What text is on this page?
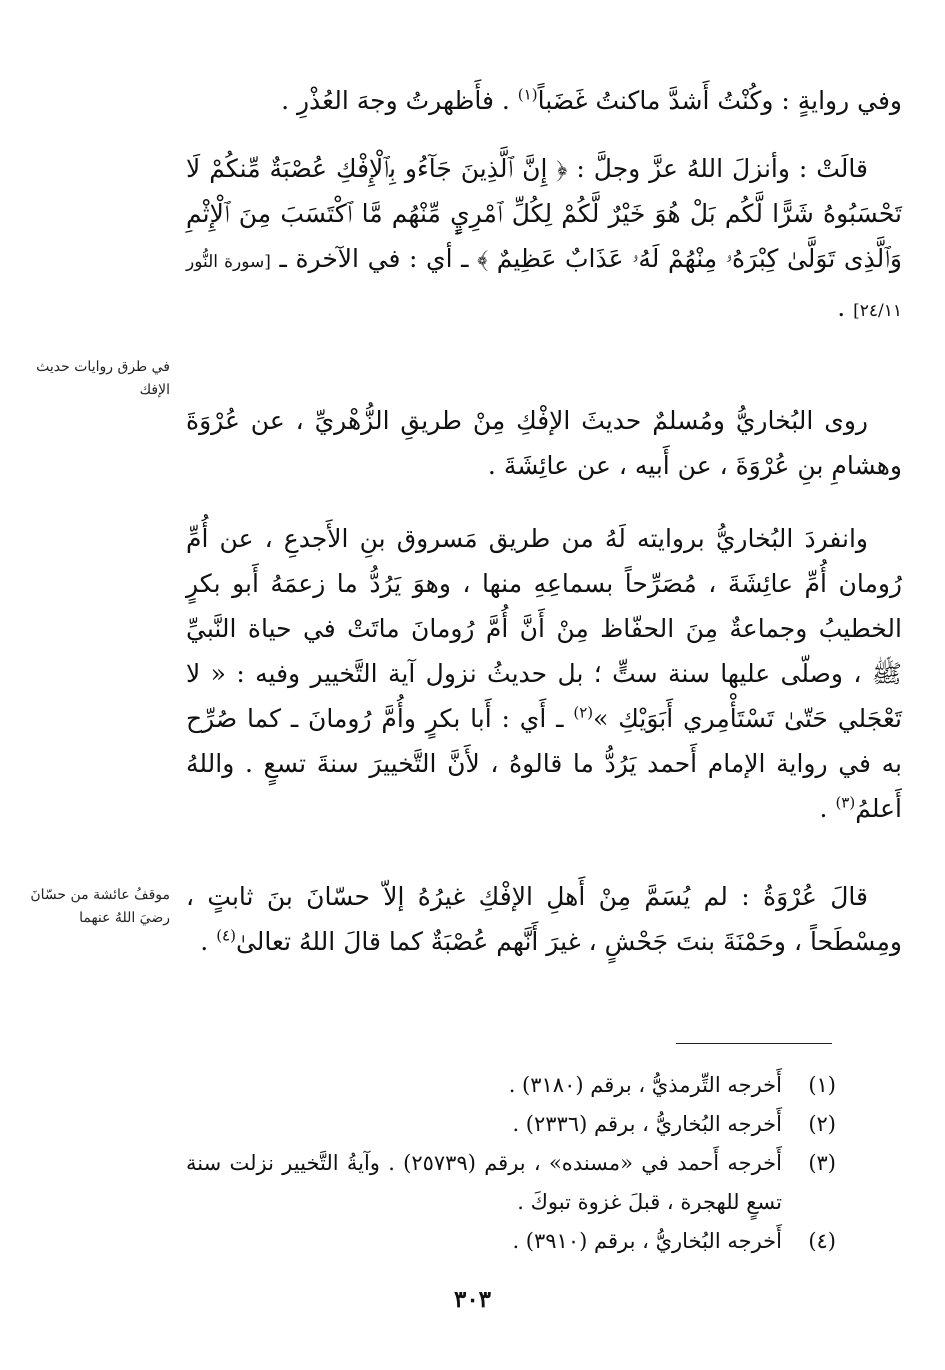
وفي روايةٍ : وكُنْتُ أَشدَّ ماكنتُ غَضَباً$^{(١)}$ . فأَظهرتُ وجهَ العُذْرِ .
قالَتْ : وأنزلَ اللهُ عزَّ وجلَّ : ﴿ إِنَّ ٱلَّذِينَ جَآءُو بِٱلْإِفْكِ عُصْبَةٌ مِّنكُمْ لَا تَحْسَبُوهُ شَرًّا لَّكُم بَلْ هُوَ خَيْرٌ لَّكُمْ لِكُلِّ ٱمْرِيٍٕ مِّنْهُم مَّا ٱكْتَسَبَ مِنَ ٱلْإِثْمِ وَٱلَّذِى تَوَلَّىٰ كِبْرَهُۥ مِنْهُمْ لَهُۥ عَذَابٌ عَظِيمٌ ﴾ ـ أي : في الآخرة ـ [سورة النُّور ٢٤/١١] .
روى البُخاريُّ ومُسلمٌ حديثَ الإفْكِ مِنْ طريقِ الزُّهْريِّ ، عن عُرْوَةَ وهشامِ بنِ عُرْوَةَ ، عن أَبيه ، عن عائِشَةَ .
وانفردَ البُخاريُّ بروايته لَهُ من طريق مَسروق بنِ الأَجدعِ ، عن أُمِّ رُومان أُمِّ عائِشَةَ ، مُصَرِّحاً بسماعِهِ منها ، وهوَ يَرُدُّ ما زعمَهُ أَبو بكرٍ الخطيبُ وجماعةٌ مِنَ الحفّاظ مِنْ أَنَّ أُمَّ رُومانَ ماتَتْ في حياة النَّبيِّ ﷺ ، وصلّى عليها سنة ستٍّ ؛ بل حديثُ نزول آية التَّخيير وفيه : « لا تَعْجَلي حَتّىٰ تَسْتَأْمِري أَبَوَيْكِ »$^{(٢)}$ ـ أَي : أَبا بكرٍ وأُمَّ رُومانَ ـ كما صُرِّح به في رواية الإمام أَحمد يَرُدُّ ما قالوهُ ، لأَنَّ التَّخييرَ سنةَ تسعٍ . واللهُ أَعلمُ$^{(٣)}$ .
قالَ عُرْوَةُ : لم يُسَمَّ مِنْ أَهلِ الإفْكِ غيرُهُ إلاّ حسّانَ بنَ ثابتٍ ، ومِسْطَحاً ، وحَمْنَةَ بنتَ جَحْشٍ ، غيرَ أَنَّهم عُصْبَةٌ كما قالَ اللهُ تعالىٰ$^{(٤)}$ .
في طرق روايات حديث الإفك
موقفُ عائشة من حسّانَ رضيَ اللهُ عنهما
(١)
أَخرجه التِّرمذيُّ ، برقم (٣١٨٠) .
(٢)
أَخرجه البُخاريُّ ، برقم (٢٣٣٦) .
(٣)
أَخرجه أَحمد في «مسنده» ، برقم (٢٥٧٣٩) . وآيةُ التَّخيير نزلت سنة تسعٍ للهجرة ، قبلَ غزوة تبوكَ .
(٤)
أَخرجه البُخاريُّ ، برقم (٣٩١٠) .
٣٠٣
